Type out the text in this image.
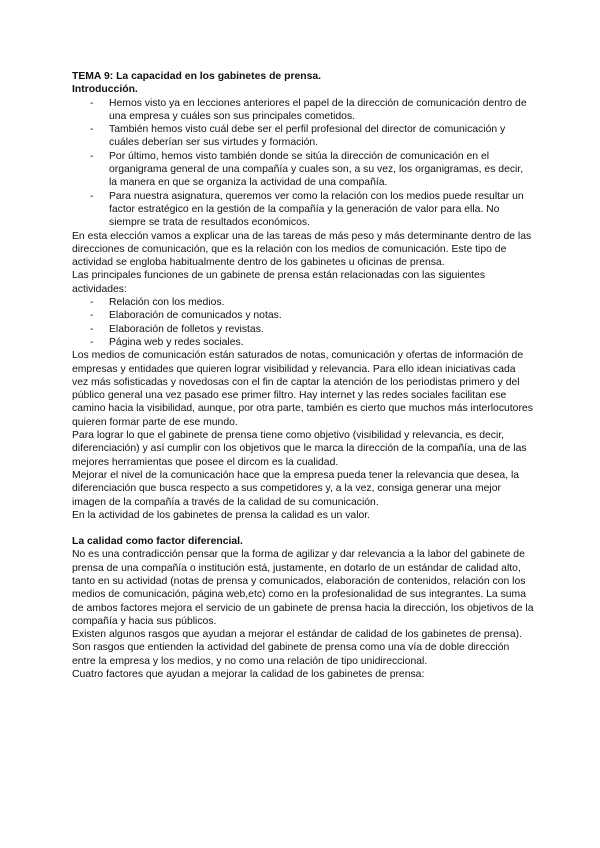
TEMA 9: La capacidad en los gabinetes de prensa.

Introducción.

- Hemos visto ya en lecciones anteriores el papel de la dirección de comunicación dentro de una empresa y cuáles son sus principales cometidos.
- También hemos visto cuál debe ser el perfil profesional del director de comunicación y cuáles deberían ser sus virtudes y formación.
- Por último, hemos visto también donde se sitúa la dirección de comunicación en el organigrama general de una compañía y cuales son, a su vez, los organigramas, es decir, la manera en que se organiza la actividad de una compañía.
- Para nuestra asignatura, queremos ver como la relación con los medios puede resultar un factor estratégico en la gestión de la compañía y la generación de valor para ella. No siempre se trata de resultados económicos.

En esta elección vamos a explicar una de las tareas de más peso y más determinante dentro de las direcciones de comunicación, que es la relación con los medios de comunicación. Este tipo de actividad se engloba habitualmente dentro de los gabinetes u oficinas de prensa.

Las principales funciones de un gabinete de prensa están relacionadas con las siguientes actividades:

- Relación con los medios.
- Elaboración de comunicados y notas.
- Elaboración de folletos y revistas.
- Página web y redes sociales.

Los medios de comunicación están saturados de notas, comunicación y ofertas de información de empresas y entidades que quieren lograr visibilidad y relevancia. Para ello idean iniciativas cada vez más sofisticadas y novedosas con el fin de captar la atención de los periodistas primero y del público general una vez pasado ese primer filtro. Hay internet y las redes sociales facilitan ese camino hacia la visibilidad, aunque, por otra parte, también es cierto que muchos más interlocutores quieren formar parte de ese mundo.

Para lograr lo que el gabinete de prensa tiene como objetivo (visibilidad y relevancia, es decir, diferenciación) y así cumplir con los objetivos que le marca la dirección de la compañía, una de las mejores herramientas que posee el dircom es la cualidad.

Mejorar el nivel de la comunicación hace que la empresa pueda tener la relevancia que desea, la diferenciación que busca respecto a sus competidores y, a la vez, consiga generar una mejor imagen de la compañía a través de la calidad de su comunicación.

En la actividad de los gabinetes de prensa la calidad es un valor.

La calidad como factor diferencial.

No es una contradicción pensar que la forma de agilizar y dar relevancia a la labor del gabinete de prensa de una compañía o institución está, justamente, en dotarlo de un estándar de calidad alto, tanto en su actividad (notas de prensa y comunicados, elaboración de contenidos, relación con los medios de comunicación, página web,etc) como en la profesionalidad de sus integrantes. La suma de ambos factores mejora el servicio de un gabinete de prensa hacia la dirección, los objetivos de la compañía y hacia sus públicos.

Existen algunos rasgos que ayudan a mejorar el estándar de calidad de los gabinetes de prensa). Son rasgos que entienden la actividad del gabinete de prensa como una vía de doble dirección entre la empresa y los medios, y no como una relación de tipo unidireccional.

Cuatro factores que ayudan a mejorar la calidad de los gabinetes de prensa:
